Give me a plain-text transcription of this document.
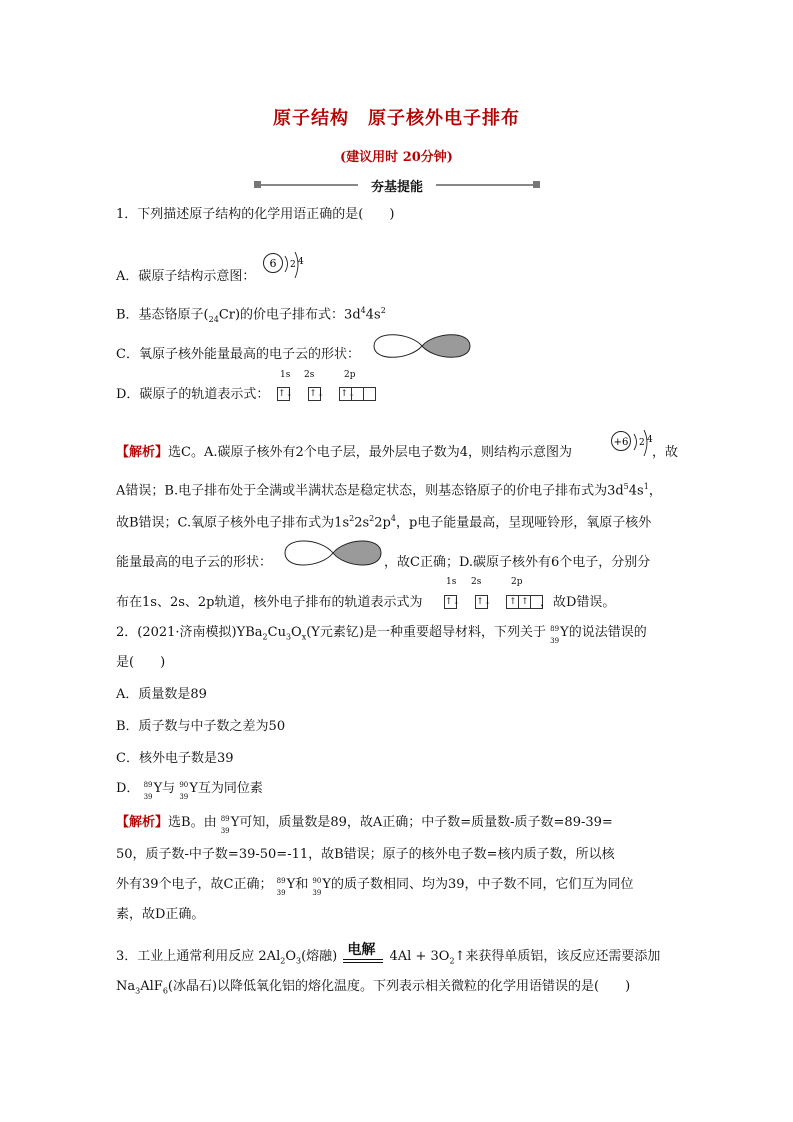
原子结构　原子核外电子排布
(建议用时 20分钟)
夯基提能
1．下列描述原子结构的化学用语正确的是(　　)
A．碳原子结构示意图：
6 2 4
B．基态铬原子$(_{24}Cr)$的价电子排布式：$3d^44s^2$
C．氧原子核外能量最高的电子云的形状：
D．碳原子的轨道表示式：
1s 2s	2p
↑↓ ↑↓ ↑↓
【解析】选C。A.碳原子核外有2个电子层，最外层电子数为4，则结构示意图为
+6 2 4
，故
A错误；B.电子排布处于全满或半满状态是稳定状态，则基态铬原子的价电子排布式为$3d^54s^1$，
故B错误；C.氧原子核外电子排布式为$1s^22s^22p^4$，p电子能量最高，呈现哑铃形，氧原子核外
能量最高的电子云的形状：	，故C正确；D.碳原子核外有6个电子，分别分
布在1s、2s、2p轨道，核外电子排布的轨道表示式为
1s 2s	2p
↑↓ ↑↓ ↑ ↑ ，故D错误。
2．(2021·济南模拟)$YBa_2Cu_3O_x(Y$元素钇)是一种重要超导材料，下列关于 89
39
Y的说法错误的
是(　　)
A．质量数是89
B．质子数与中子数之差为50
C．核外电子数是39
D． 89
39
Y与 90
39
Y互为同位素
【解析】选B。由 89
39
Y可知，质量数是89，故A正确；中子数=质量数-质子数=89-39=
50，质子数-中子数=39-50=-11，故B错误；原子的核外电子数=核内质子数，所以核
外有39个电子，故C正确； 89
39
Y和 90
39
Y的质子数相同、均为39，中子数不同，它们互为同位
素，故D正确。
3．工业上通常利用反应 $2Al_2O_3$(熔融) 电解 $4Al + 3O_2↑$来获得单质铝，该反应还需要添加
$Na_3AlF_6$(冰晶石)以降低氧化铝的熔化温度。下列表示相关微粒的化学用语错误的是(　　)
